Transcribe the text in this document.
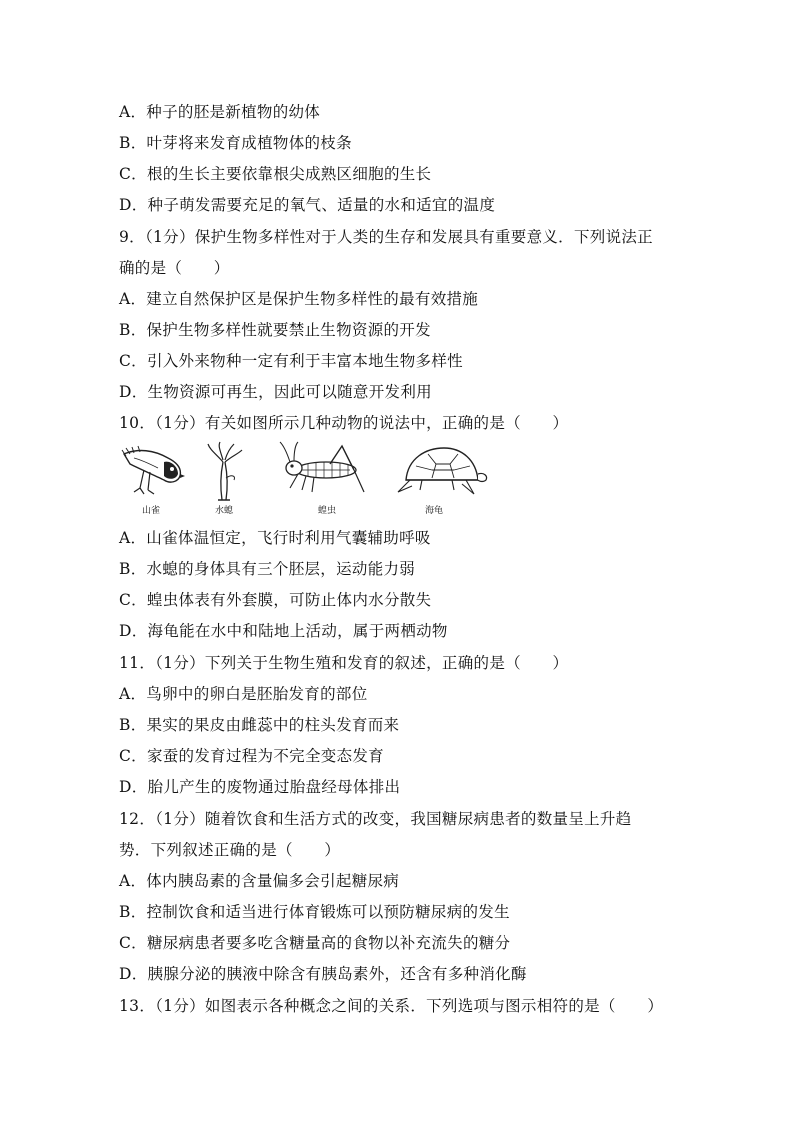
A．种子的胚是新植物的幼体
B．叶芽将来发育成植物体的枝条
C．根的生长主要依靠根尖成熟区细胞的生长
D．种子萌发需要充足的氧气、适量的水和适宜的温度
9．（1分）保护生物多样性对于人类的生存和发展具有重要意义．下列说法正
确的是（　　）
A．建立自然保护区是保护生物多样性的最有效措施
B．保护生物多样性就要禁止生物资源的开发
C．引入外来物种一定有利于丰富本地生物多样性
D．生物资源可再生，因此可以随意开发利用
10．（1分）有关如图所示几种动物的说法中，正确的是（　　）
山雀	水螅	蝗虫	海龟
A．山雀体温恒定，飞行时利用气囊辅助呼吸
B．水螅的身体具有三个胚层，运动能力弱
C．蝗虫体表有外套膜，可防止体内水分散失
D．海龟能在水中和陆地上活动，属于两栖动物
11．（1分）下列关于生物生殖和发育的叙述，正确的是（　　）
A．鸟卵中的卵白是胚胎发育的部位
B．果实的果皮由雌蕊中的柱头发育而来
C．家蚕的发育过程为不完全变态发育
D．胎儿产生的废物通过胎盘经母体排出
12．（1分）随着饮食和生活方式的改变，我国糖尿病患者的数量呈上升趋
势．下列叙述正确的是（　　）
A．体内胰岛素的含量偏多会引起糖尿病
B．控制饮食和适当进行体育锻炼可以预防糖尿病的发生
C．糖尿病患者要多吃含糖量高的食物以补充流失的糖分
D．胰腺分泌的胰液中除含有胰岛素外，还含有多种消化酶
13．（1分）如图表示各种概念之间的关系．下列选项与图示相符的是（　　）
